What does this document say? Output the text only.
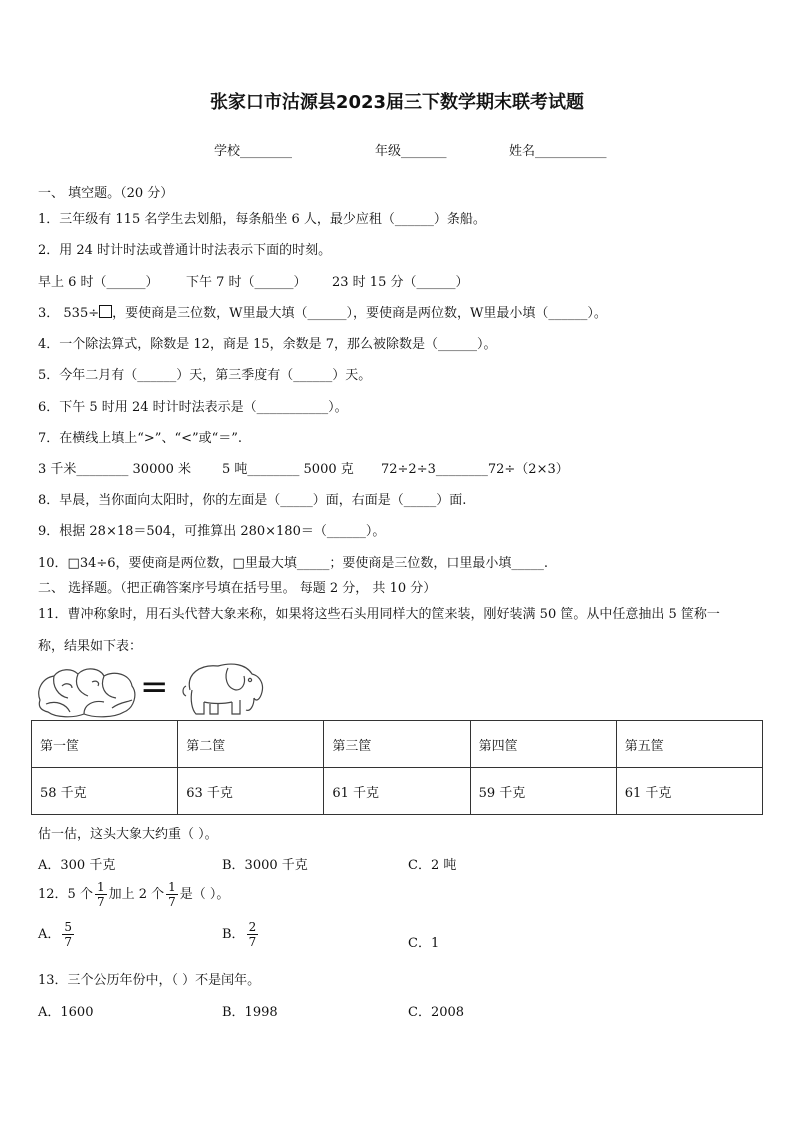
张家口市沽源县2023届三下数学期末联考试题
学校________	年级_______	姓名___________
一、 填空题。（20 分）
1．三年级有 115 名学生去划船，每条船坐 6 人，最少应租（______）条船。
2．用 24 时计时法或普通计时法表示下面的时刻。
早上 6 时（______） 下午 7 时（______） 23 时 15 分（______）
3． 535÷ ，要使商是三位数，W里最大填（______），要使商是两位数，W里最小填（______）。
4．一个除法算式，除数是 12，商是 15，余数是 7，那么被除数是（______）。
5．今年二月有（______）天，第三季度有（______）天。
6．下午 5 时用 24 时计时法表示是（___________）。
7．在横线上填上“>”、“<”或“＝”.
3 千米________ 30000 米 5 吨________ 5000 克 72÷2÷3________72÷（2×3）
8．早晨，当你面向太阳时，你的左面是（_____）面，右面是（_____）面.
9．根据 28×18＝504，可推算出 280×180＝（______）。
10．□34÷6，要使商是两位数，□里最大填_____；要使商是三位数，口里最小填_____.
二、 选择题。（把正确答案序号填在括号里。 每题 2 分， 共 10 分）
11．曹冲称象时，用石头代替大象来称，如果将这些石头用同样大的筐来装，刚好装满 50 筐。从中任意抽出 5 筐称一
称，结果如下表：
=
第一筐	第二筐	第三筐	第四筐	第五筐
58 千克	63 千克	61 千克	59 千克	61 千克
估一估，这头大象大约重（ ）。
A．300 千克	B．3000 千克	C．2 吨
12．5 个 $\frac{1}{7}$ 加上 2 个 $\frac{1}{7}$ 是（ ）。
A． $\frac{5}{7}$	B． $\frac{2}{7}$	C．1
13．三个公历年份中，（ ）不是闰年。
A．1600	B．1998	C．2008
